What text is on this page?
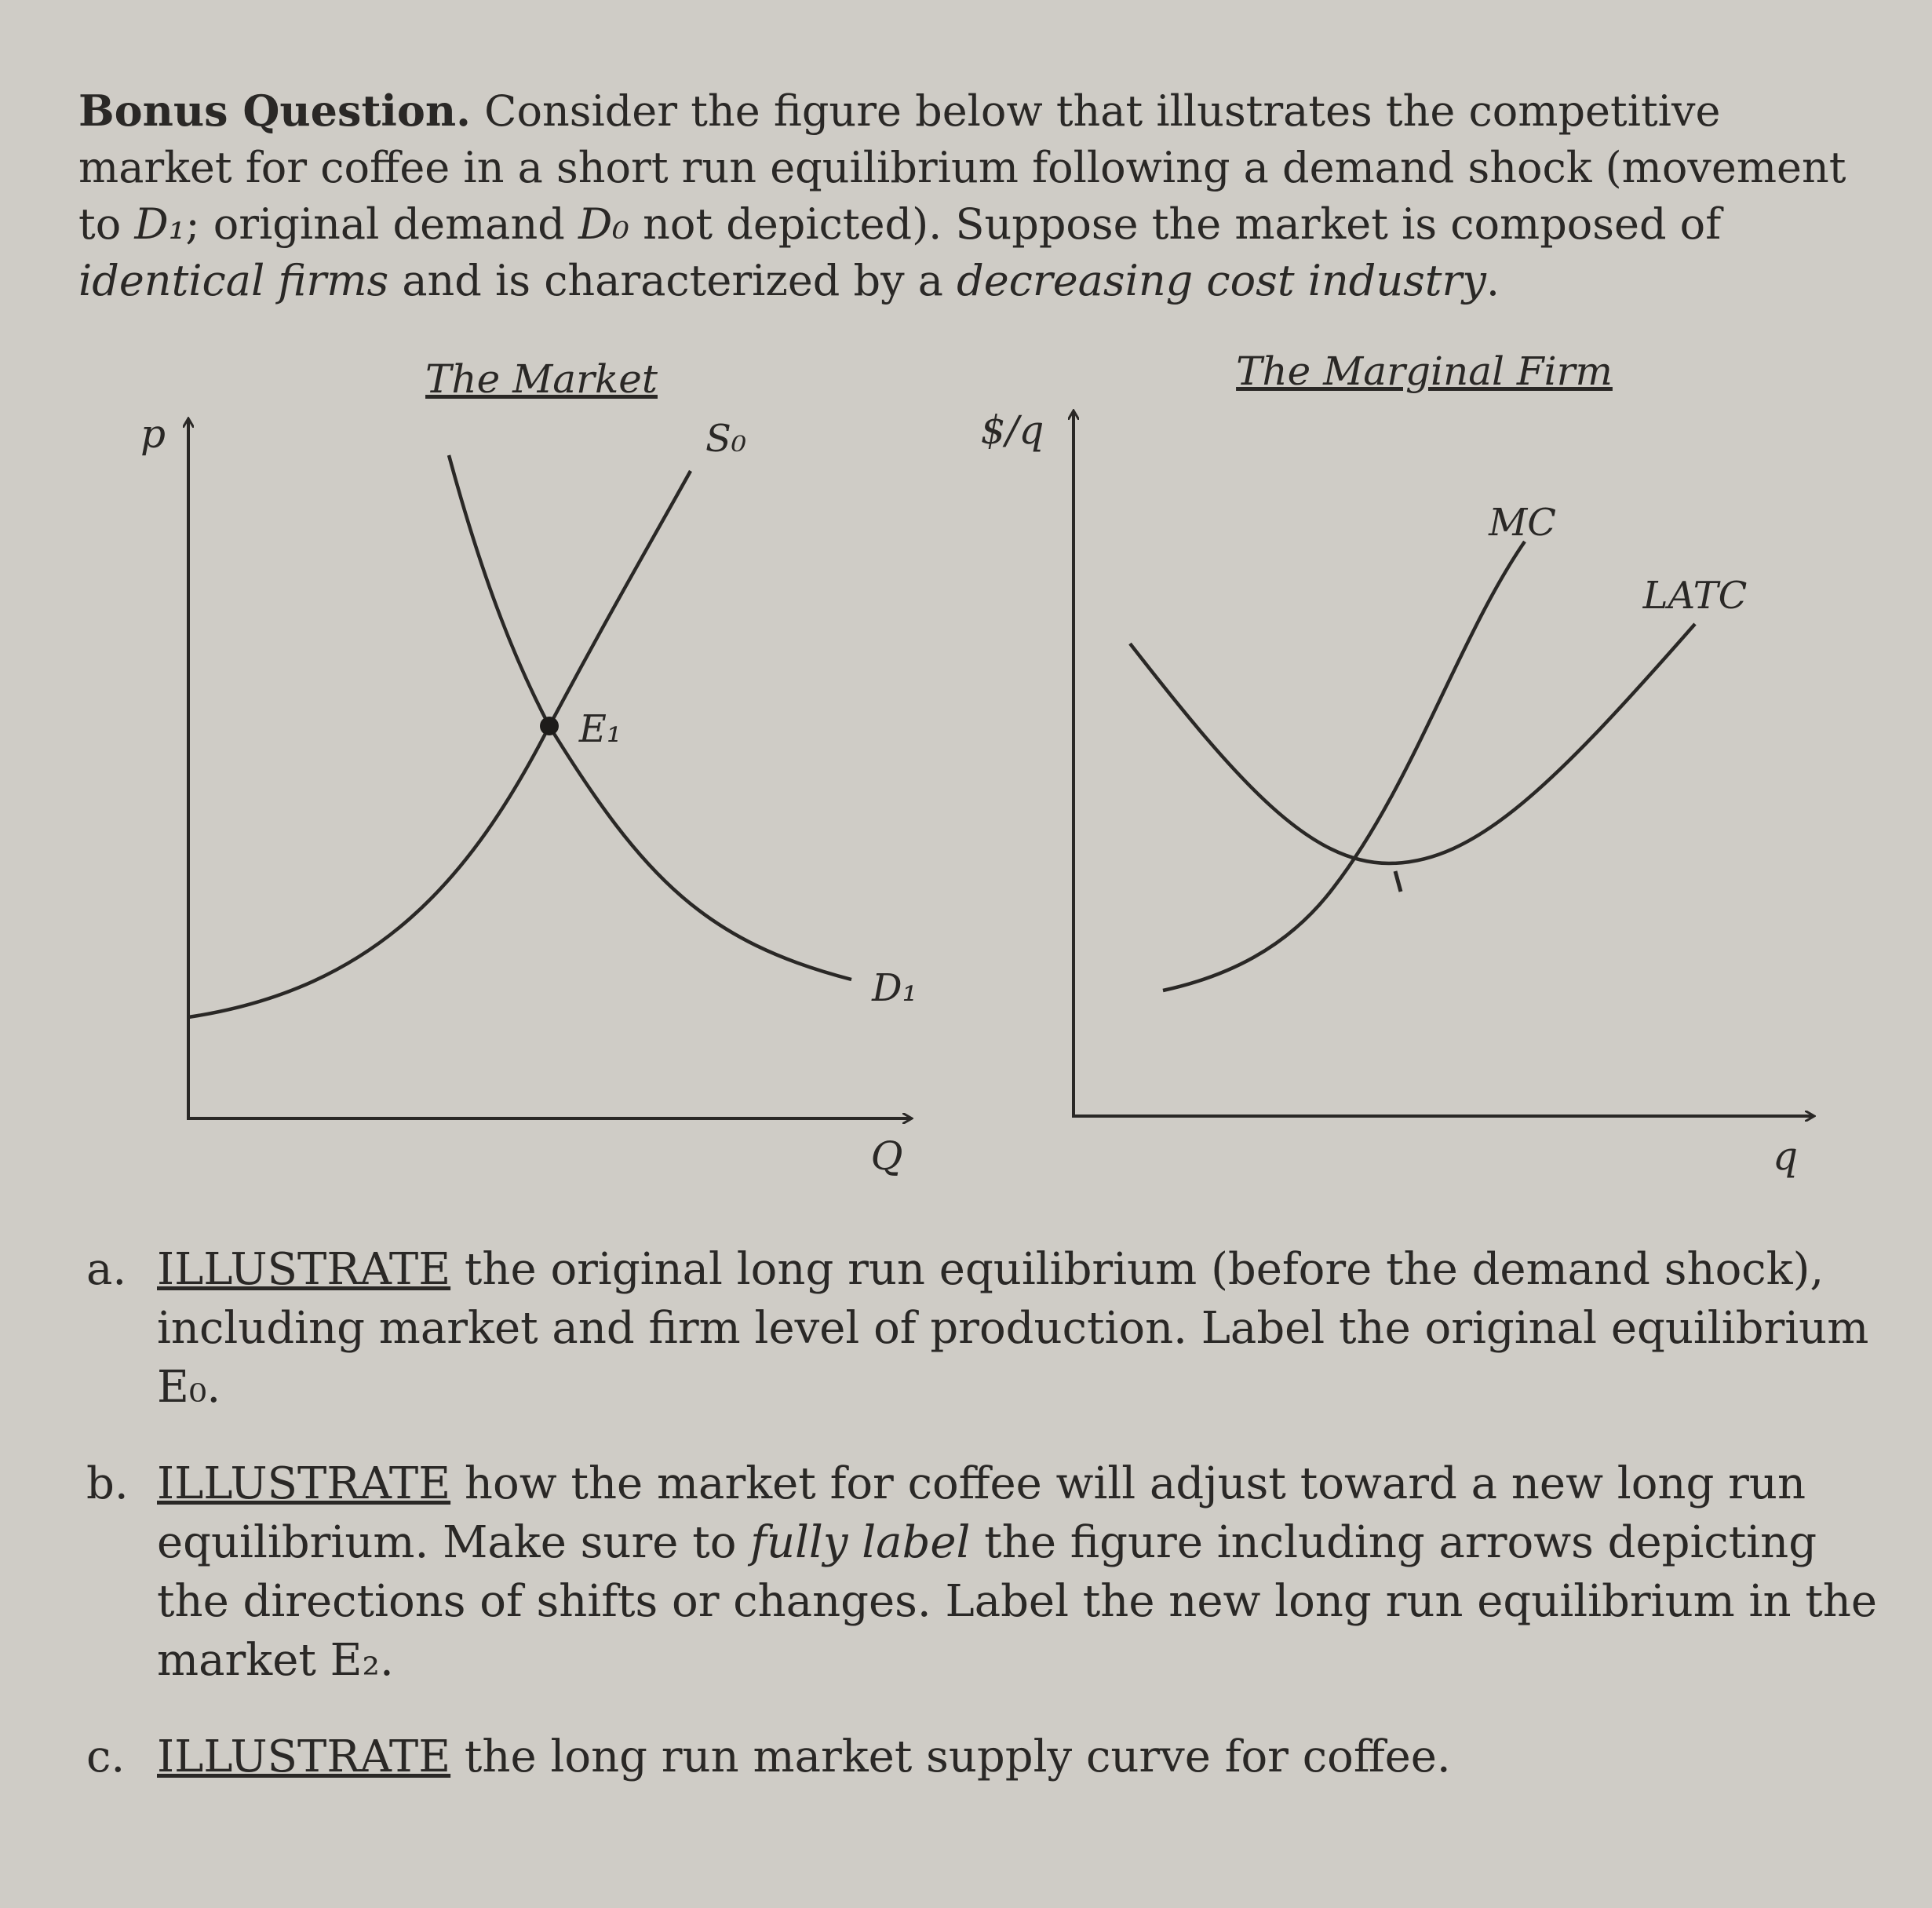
Bonus Question. Consider the figure below that illustrates the competitive market for coffee in a short run equilibrium following a demand shock (movement to D₁; original demand D₀ not depicted). Suppose the market is composed of identical firms and is characterized by a decreasing cost industry.

The Market
p
Q
S₀
D₁
E₁
The Marginal Firm
$/q
q
MC
LATC
a. ILLUSTRATE the original long run equilibrium (before the demand shock), including market and firm level of production. Label the original equilibrium E₀.
b. ILLUSTRATE how the market for coffee will adjust toward a new long run equilibrium. Make sure to fully label the figure including arrows depicting the directions of shifts or changes. Label the new long run equilibrium in the market E₂.
c. ILLUSTRATE the long run market supply curve for coffee.
